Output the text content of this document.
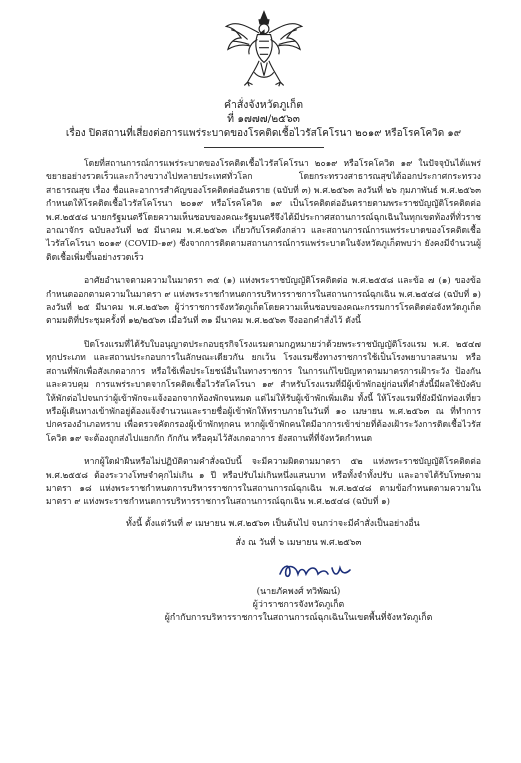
คำสั่งจังหวัดภูเก็ต
ที่ ๑๗๗๗/๒๕๖๓
เรื่อง ปิดสถานที่เสี่ยงต่อการแพร่ระบาดของโรคติดเชื้อไวรัสโคโรนา ๒๐๑๙ หรือโรคโควิด ๑๙

โดยที่สถานการณ์การแพร่ระบาดของโรคติดเชื้อไวรัสโคโรนา ๒๐๑๙ หรือโรคโควิด ๑๙ ในปัจจุบันได้แพร่ขยายอย่างรวดเร็วและกว้างขวางไปหลายประเทศทั่วโลก โดยกระทรวงสาธารณสุขได้ออกประกาศกระทรวงสาธารณสุข เรื่อง ชื่อและอาการสำคัญของโรคติดต่ออันตราย (ฉบับที่ ๓) พ.ศ.๒๕๖๓ ลงวันที่ ๒๖ กุมภาพันธ์ พ.ศ.๒๕๖๓ กำหนดให้โรคติดเชื้อไวรัสโคโรนา ๒๐๑๙ หรือโรคโควิด ๑๙ เป็นโรคติดต่ออันตรายตามพระราชบัญญัติโรคติดต่อ พ.ศ.๒๕๕๘ นายกรัฐมนตรีโดยความเห็นชอบของคณะรัฐมนตรีจึงได้มีประกาศสถานการณ์ฉุกเฉินในทุกเขตท้องที่ทั่วราชอาณาจักร ฉบับลงวันที่ ๒๕ มีนาคม พ.ศ.๒๕๖๓ เกี่ยวกับโรคดังกล่าว และสถานการณ์การแพร่ระบาดของโรคติดเชื้อไวรัสโคโรนา ๒๐๑๙ (COVID-๑๙) ซึ่งจากการติดตามสถานการณ์การแพร่ระบาดในจังหวัดภูเก็ตพบว่า ยังคงมีจำนวนผู้ติดเชื้อเพิ่มขึ้นอย่างรวดเร็ว

อาศัยอำนาจตามความในมาตรา ๓๕ (๑) แห่งพระราชบัญญัติโรคติดต่อ พ.ศ.๒๕๕๘ และข้อ ๗ (๑) ของข้อกำหนดออกตามความในมาตรา ๙ แห่งพระราชกำหนดการบริหารราชการในสถานการณ์ฉุกเฉิน พ.ศ.๒๕๔๘ (ฉบับที่ ๑) ลงวันที่ ๒๕ มีนาคม พ.ศ.๒๕๖๓ ผู้ว่าราชการจังหวัดภูเก็ตโดยความเห็นชอบของคณะกรรมการโรคติดต่อจังหวัดภูเก็ต ตามมติที่ประชุมครั้งที่ ๑๒/๒๕๖๓ เมื่อวันที่ ๓๑ มีนาคม พ.ศ.๒๕๖๓ จึงออกคำสั่งไว้ ดังนี้

ปิดโรงแรมที่ได้รับใบอนุญาตประกอบธุรกิจโรงแรมตามกฎหมายว่าด้วยพระราชบัญญัติโรงแรม พ.ศ. ๒๕๔๗ ทุกประเภท และสถานประกอบการในลักษณะเดียวกัน ยกเว้น โรงแรมซึ่งทางราชการใช้เป็นโรงพยาบาลสนาม หรือสถานที่พักเพื่อสังเกตอาการ หรือใช้เพื่อประโยชน์อื่นในทางราชการ ในการแก้ไขปัญหาตามมาตรการเฝ้าระวัง ป้องกัน และควบคุม การแพร่ระบาดจากโรคติดเชื้อไวรัสโคโรนา ๑๙ สำหรับโรงแรมที่มีผู้เข้าพักอยู่ก่อนที่คำสั่งนี้มีผลใช้บังคับ ให้พักต่อไปจนกว่าผู้เข้าพักจะแจ้งออกจากห้องพักจนหมด แต่ไม่ให้รับผู้เข้าพักเพิ่มเติม ทั้งนี้ ให้โรงแรมที่ยังมีนักท่องเที่ยวหรือผู้เดินทางเข้าพักอยู่ต้องแจ้งจำนวนและรายชื่อผู้เข้าพักให้ทราบภายในวันที่ ๑๐ เมษายน พ.ศ.๒๕๖๓ ณ ที่ทำการปกครองอำเภอทราบ เพื่อตรวจคัดกรองผู้เข้าพักทุกคน หากผู้เข้าพักคนใดมีอาการเข้าข่ายที่ต้องเฝ้าระวังการติดเชื้อไวรัสโควิด ๑๙ จะต้องถูกส่งไปแยกกัก กักกัน หรือคุมไว้สังเกตอาการ ยังสถานที่ที่จังหวัดกำหนด

หากผู้ใดฝ่าฝืนหรือไม่ปฏิบัติตามคำสั่งฉบับนี้ จะมีความผิดตามมาตรา ๕๒ แห่งพระราชบัญญัติโรคติดต่อ พ.ศ.๒๕๕๘ ต้องระวางโทษจำคุกไม่เกิน ๑ ปี หรือปรับไม่เกินหนึ่งแสนบาท หรือทั้งจำทั้งปรับ และอาจได้รับโทษตามมาตรา ๑๘ แห่งพระราชกำหนดการบริหารราชการในสถานการณ์ฉุกเฉิน พ.ศ.๒๕๔๘ ตามข้อกำหนดตามความในมาตรา ๙ แห่งพระราชกำหนดการบริหารราชการในสถานการณ์ฉุกเฉิน พ.ศ.๒๕๔๘ (ฉบับที่ ๑)

ทั้งนี้ ตั้งแต่วันที่ ๙ เมษายน พ.ศ.๒๕๖๓ เป็นต้นไป จนกว่าจะมีคำสั่งเป็นอย่างอื่น
สั่ง ณ วันที่ ๖ เมษายน พ.ศ.๒๕๖๓
(นายภัคพงศ์ ทวิพัฒน์)
ผู้ว่าราชการจังหวัดภูเก็ต
ผู้กำกับการบริหารราชการในสถานการณ์ฉุกเฉินในเขตพื้นที่จังหวัดภูเก็ต
